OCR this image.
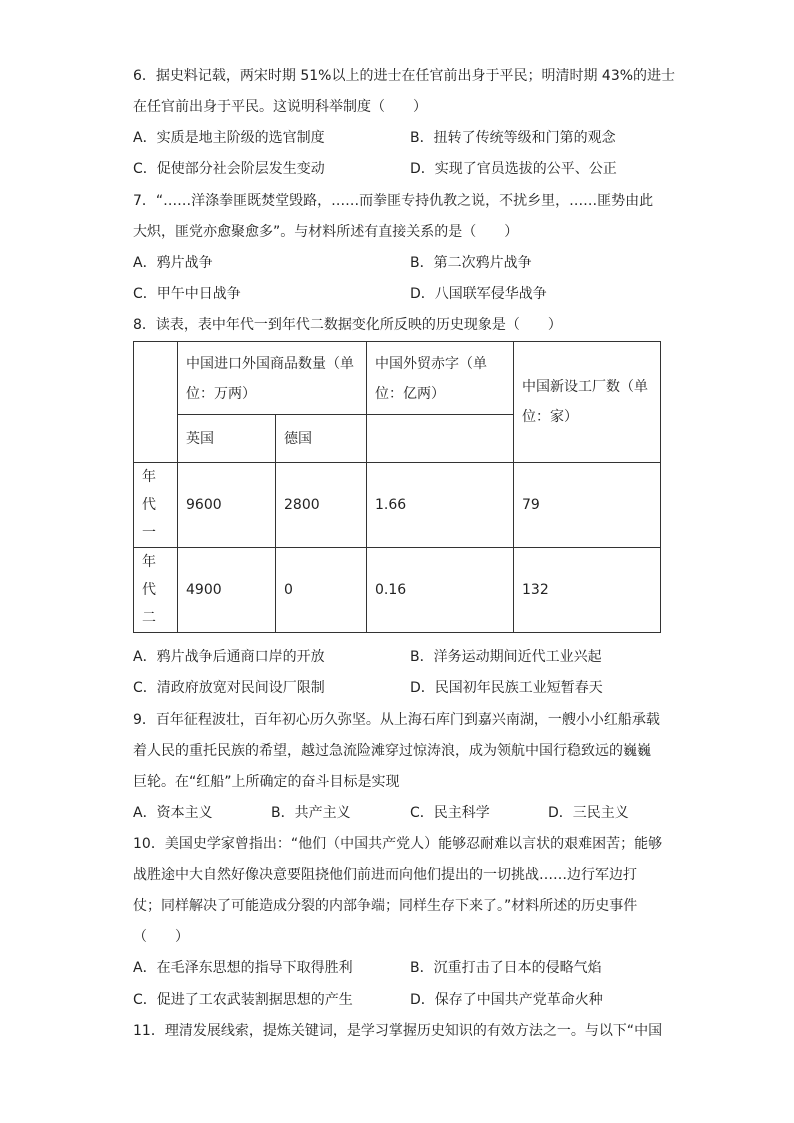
6．据史料记载，两宋时期 51%以上的进士在任官前出身于平民；明清时期 43%的进士
在任官前出身于平民。这说明科举制度（　　）
A．实质是地主阶级的选官制度	B．扭转了传统等级和门第的观念
C．促使部分社会阶层发生变动	D．实现了官员选拔的公平、公正
7．“……洋涤拳匪既焚堂毁路，……而拳匪专持仇教之说，不扰乡里，……匪势由此
大炽，匪党亦愈聚愈多”。与材料所述有直接关系的是（　　）
A．鸦片战争	B．第二次鸦片战争
C．甲午中日战争	D．八国联军侵华战争
8．读表，表中年代一到年代二数据变化所反映的历史现象是（　　）
	中国进口外国商品数量（单位：万两）		中国外贸赤字（单位：亿两）	中国新设工厂数（单位：家）
	英国	德国		
年代一	9600	2800	1.66	79
年代二	4900	0	0.16	132
A．鸦片战争后通商口岸的开放	B．洋务运动期间近代工业兴起
C．清政府放宽对民间设厂限制	D．民国初年民族工业短暂春天
9．百年征程波壮，百年初心历久弥坚。从上海石库门到嘉兴南湖，一艘小小红船承载
着人民的重托民族的希望，越过急流险滩穿过惊涛浪，成为领航中国行稳致远的巍巍
巨轮。在“红船”上所确定的奋斗目标是实现
A．资本主义	B．共产主义	C．民主科学	D．三民主义
10．美国史学家曾指出：“他们（中国共产党人）能够忍耐难以言状的艰难困苦；能够
战胜途中大自然好像决意要阻挠他们前进而向他们提出的一切挑战……边行军边打
仗；同样解决了可能造成分裂的内部争端；同样生存下来了。”材料所述的历史事件
（　　）
A．在毛泽东思想的指导下取得胜利	B．沉重打击了日本的侵略气焰
C．促进了工农武装割据思想的产生	D．保存了中国共产党革命火种
11．理清发展线索，提炼关键词，是学习掌握历史知识的有效方法之一。与以下“中国
